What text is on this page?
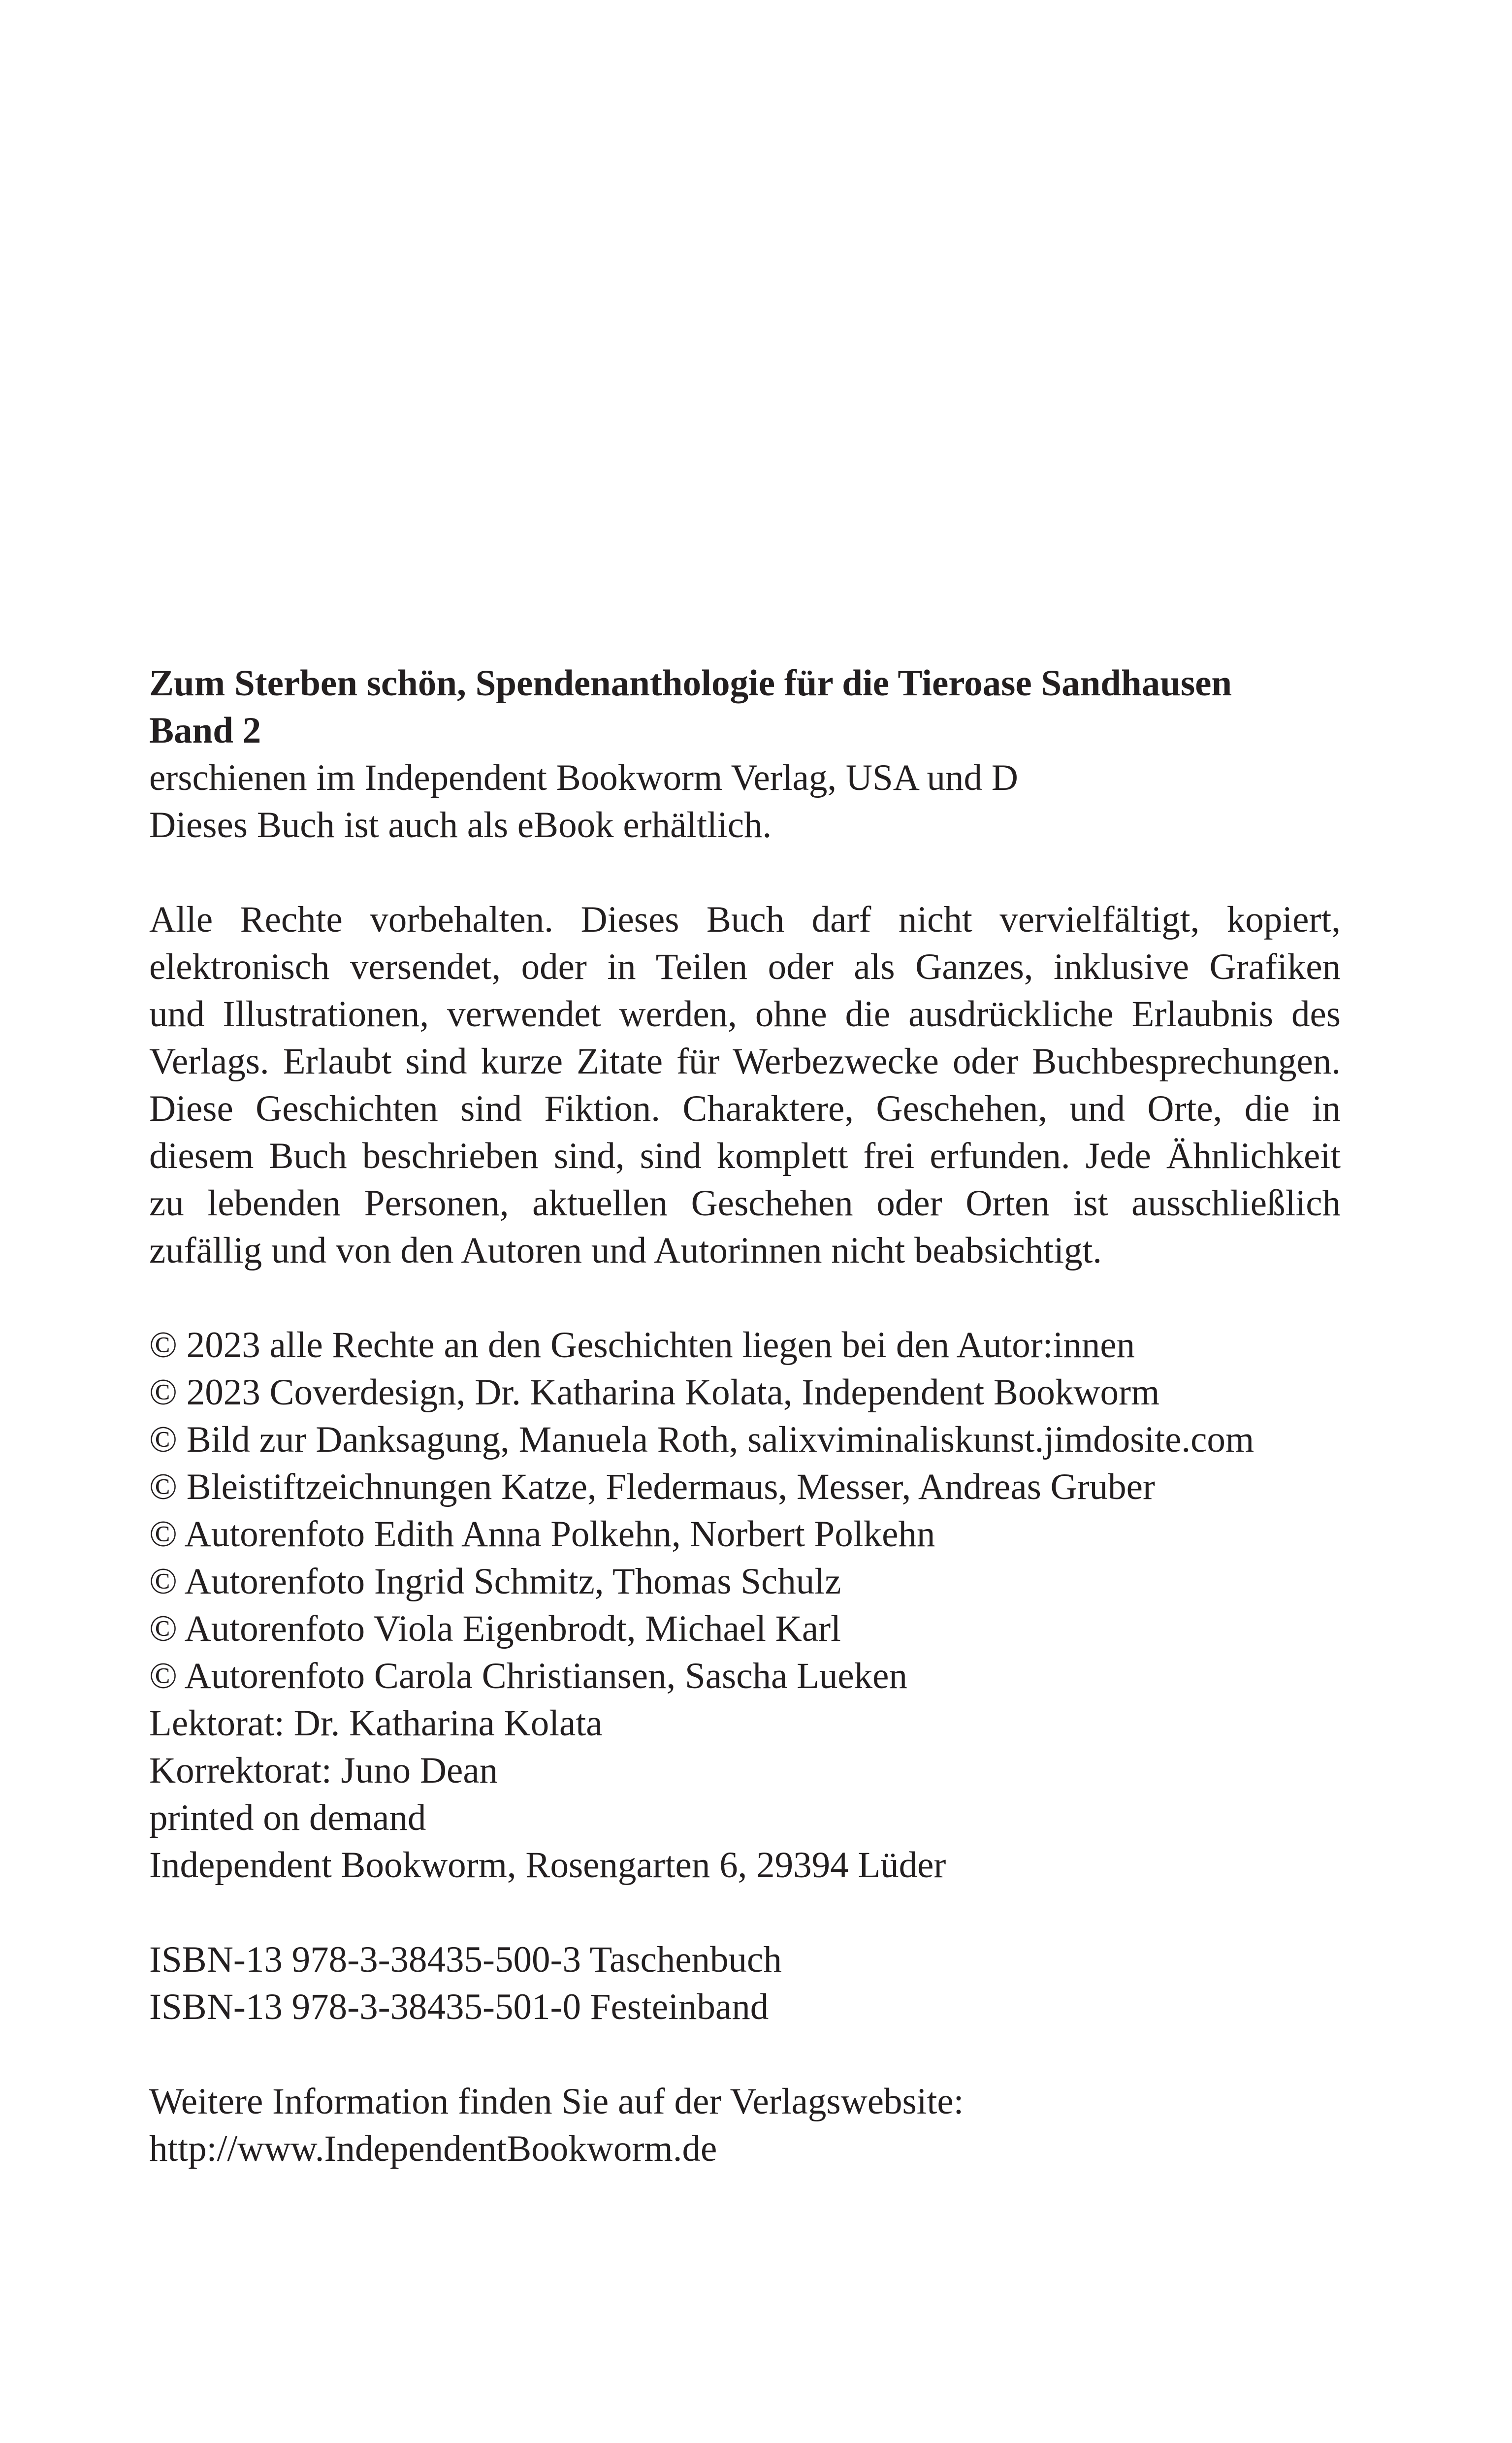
Zum Sterben schön, Spendenanthologie für die Tieroase Sandhausen
Band 2
erschienen im Independent Bookworm Verlag, USA und D
Dieses Buch ist auch als eBook erhältlich.
Alle Rechte vorbehalten. Dieses Buch darf nicht vervielfältigt, kopiert,
elektronisch versendet, oder in Teilen oder als Ganzes, inklusive Grafiken
und Illustrationen, verwendet werden, ohne die ausdrückliche Erlaubnis des
Verlags. Erlaubt sind kurze Zitate für Werbezwecke oder Buchbesprechungen.
Diese Geschichten sind Fiktion. Charaktere, Geschehen, und Orte, die in
diesem Buch beschrieben sind, sind komplett frei erfunden. Jede Ähnlichkeit
zu lebenden Personen, aktuellen Geschehen oder Orten ist ausschließlich
zufällig und von den Autoren und Autorinnen nicht beabsichtigt.
© 2023 alle Rechte an den Geschichten liegen bei den Autor:innen
© 2023 Coverdesign, Dr. Katharina Kolata, Independent Bookworm
© Bild zur Danksagung, Manuela Roth, salixviminaliskunst.jimdosite.com
© Bleistiftzeichnungen Katze, Fledermaus, Messer, Andreas Gruber
© Autorenfoto Edith Anna Polkehn, Norbert Polkehn
© Autorenfoto Ingrid Schmitz, Thomas Schulz
© Autorenfoto Viola Eigenbrodt, Michael Karl
© Autorenfoto Carola Christiansen, Sascha Lueken
Lektorat: Dr. Katharina Kolata
Korrektorat: Juno Dean
printed on demand
Independent Bookworm, Rosengarten 6, 29394 Lüder
ISBN-13 978-3-38435-500-3 Taschenbuch
ISBN-13 978-3-38435-501-0 Festeinband
Weitere Information finden Sie auf der Verlagswebsite:
http://www.IndependentBookworm.de
